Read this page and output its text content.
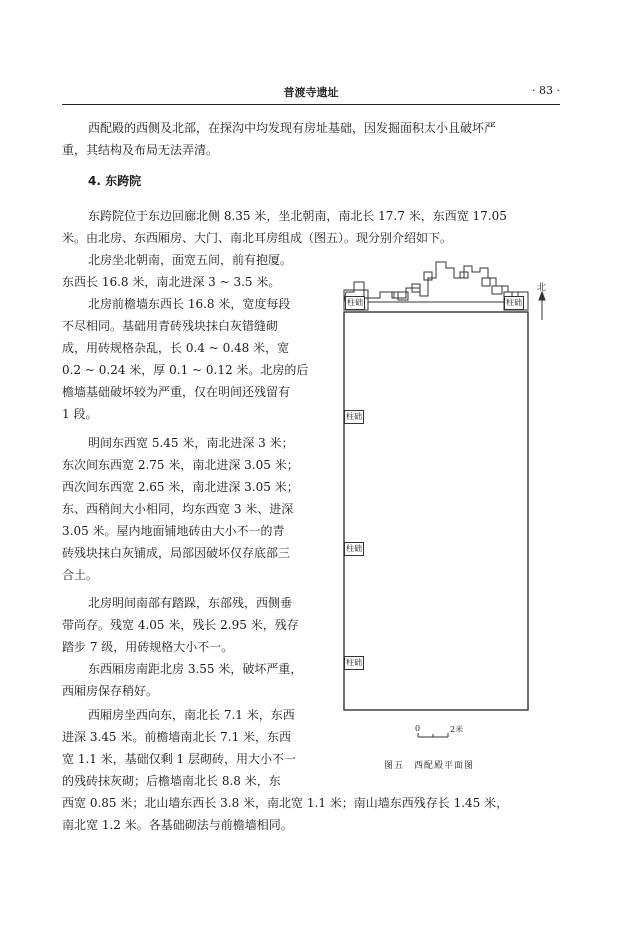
普渡寺遗址	· 83 ·
西配殿的西侧及北部，在探沟中均发现有房址基础，因发掘面积太小且破坏严
重，其结构及布局无法弄清。
4. 东跨院
东跨院位于东边回廊北侧 8.35 米，坐北朝南，南北长 17.7 米，东西宽 17.05
米。由北房、东西厢房、大门、南北耳房组成（图五）。现分别介绍如下。
北房坐北朝南，面宽五间，前有抱厦。
东西长 16.8 米，南北进深 3 ~ 3.5 米。
北房前檐墙东西长 16.8 米，宽度每段
不尽相同。基础用青砖残块抹白灰错缝砌
成，用砖规格杂乱，长 0.4 ~ 0.48 米，宽
0.2 ~ 0.24 米，厚 0.1 ~ 0.12 米。北房的后
檐墙基础破坏较为严重，仅在明间还残留有
1 段。
明间东西宽 5.45 米，南北进深 3 米；
东次间东西宽 2.75 米，南北进深 3.05 米；
西次间东西宽 2.65 米，南北进深 3.05 米；
东、西稍间大小相同，均东西宽 3 米、进深
3.05 米。屋内地面铺地砖由大小不一的青
砖残块抹白灰铺成，局部因破坏仅存底部三
合土。
北房明间南部有踏跺，东部残，西侧垂
带尚存。残宽 4.05 米，残长 2.95 米，残存
踏步 7 级，用砖规格大小不一。
东西厢房南距北房 3.55 米，破坏严重，
西厢房保存稍好。
西厢房坐西向东，南北长 7.1 米，东西
进深 3.45 米。前檐墙南北长 7.1 米，东西
宽 1.1 米，基础仅剩 1 层砌砖，用大小不一
的残砖抹灰砌；后檐墙南北长 8.8 米，东
西宽 0.85 米；北山墙东西长 3.8 米，南北宽 1.1 米；南山墙东西残存长 1.45 米，
南北宽 1.2 米。各基础砌法与前檐墙相同。
柱础	柱础
柱础
柱础
柱础
北
0	2米
图五　西配殿平面图
